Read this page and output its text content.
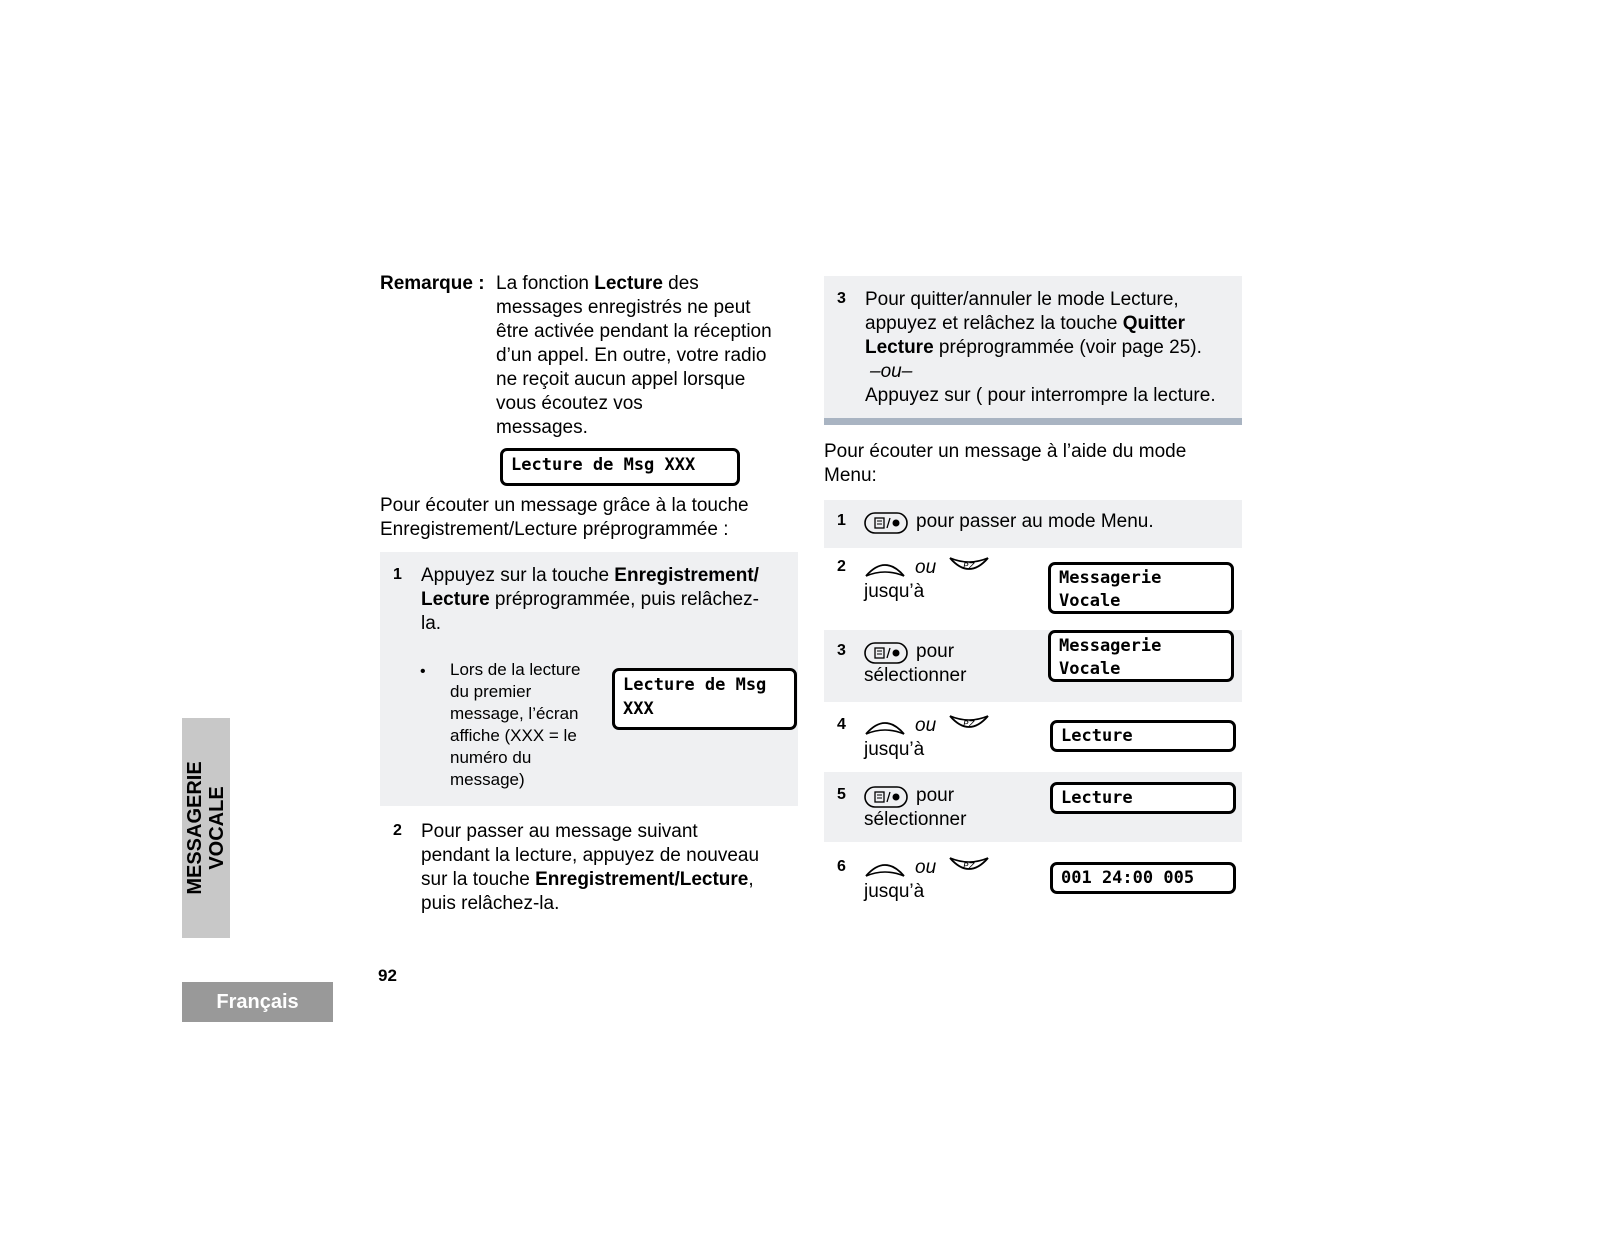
Remarque : La fonction Lecture des
messages enregistrés ne peut
être activée pendant la réception
d’un appel. En outre, votre radio
ne reçoit aucun appel lorsque
vous écoutez vos
messages.
Lecture de Msg XXX
Pour écouter un message grâce à la touche
Enregistrement/Lecture préprogrammée :
1 Appuyez sur la touche Enregistrement/
Lecture préprogrammée, puis relâchez-
la.
• Lors de la lecture
du premier
message, l’écran
affiche (XXX = le
numéro du
message)
Lecture de Msg
XXX
2 Pour passer au message suivant
pendant la lecture, appuyez de nouveau
sur la touche Enregistrement/Lecture,
puis relâchez-la.
92
3 Pour quitter/annuler le mode Lecture,
appuyez et relâchez la touche Quitter
Lecture préprogrammée (voir page 25).
–ou–
Appuyez sur ( pour interrompre la lecture.
Pour écouter un message à l’aide du mode
Menu:
1	pour passer au mode Menu.
2	ou	PZ
jusqu’à
Messagerie
Vocale
3	pour
sélectionner
Messagerie
Vocale
4	ou	PZ
jusqu’à
Lecture
5	pour
sélectionner
Lecture
6	ou	PZ
jusqu’à
001 24:00 005
MESSAGERIE VOCALE
Français
